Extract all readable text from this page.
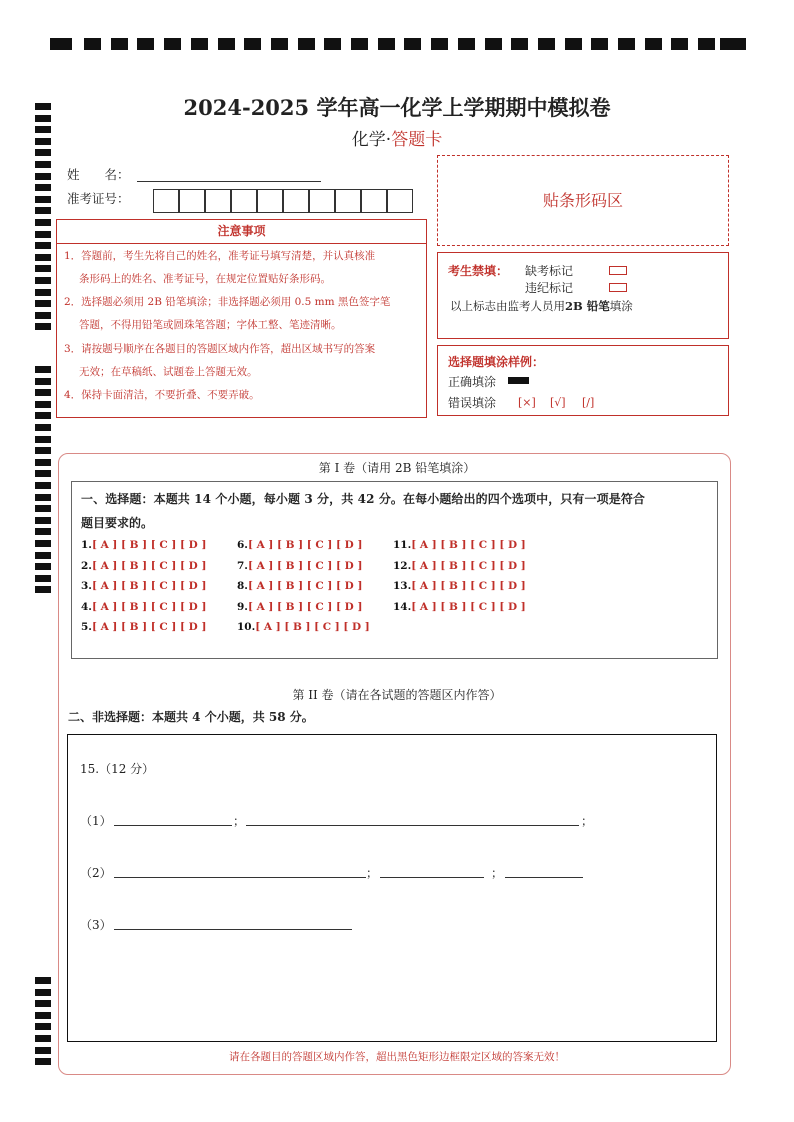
2024-2025 学年高一化学上学期期中模拟卷
化学·答题卡
姓　　名：
准考证号：	贴条形码区
注意事项
1．答题前，考生先将自己的姓名，准考证号填写清楚，并认真核准
条形码上的姓名、准考证号，在规定位置贴好条形码。
2．选择题必须用 2B 铅笔填涂；非选择题必须用 0.5 mm 黑色签字笔
答题，不得用铅笔或圆珠笔答题；字体工整、笔迹清晰。
3．请按题号顺序在各题目的答题区域内作答，超出区域书写的答案
无效；在草稿纸、试题卷上答题无效。
4．保持卡面清洁，不要折叠、不要弄破。
考生禁填： 缺考标记
违纪标记
以上标志由监考人员用2B 铅笔填涂
选择题填涂样例：
正确填涂
错误填涂 [×] [√] [/]
第 I 卷（请用 2B 铅笔填涂）
一、选择题：本题共 14 个小题，每小题 3 分，共 42 分。在每小题给出的四个选项中，只有一项是符合
题目要求的。
1.[ A ] [ B ] [ C ] [ D ]
2.[ A ] [ B ] [ C ] [ D ]
3.[ A ] [ B ] [ C ] [ D ]
4.[ A ] [ B ] [ C ] [ D ]
5.[ A ] [ B ] [ C ] [ D ]
6.[ A ] [ B ] [ C ] [ D ]
7.[ A ] [ B ] [ C ] [ D ]
8.[ A ] [ B ] [ C ] [ D ]
9.[ A ] [ B ] [ C ] [ D ]
10.[ A ] [ B ] [ C ] [ D ]
11.[ A ] [ B ] [ C ] [ D ]
12.[ A ] [ B ] [ C ] [ D ]
13.[ A ] [ B ] [ C ] [ D ]
14.[ A ] [ B ] [ C ] [ D ]
第 II 卷（请在各试题的答题区内作答）
二、非选择题：本题共 4 个小题，共 58 分。
15.（12 分）
（1）	；	；
（2）	；	；
（3）
请在各题目的答题区域内作答，超出黑色矩形边框限定区域的答案无效！
